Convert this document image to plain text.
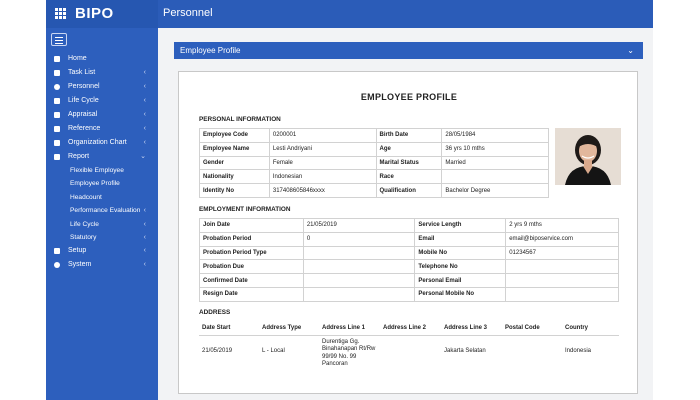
BIPO	Personnel
Home
Task List	‹
Personnel	‹
Life Cycle	‹
Appraisal	‹
Reference	‹
Organization Chart ‹
Report	⌄
Flexible Employee
Employee Profile
Headcount
Performance Evaluation ‹
Life Cycle	‹
Statutory	‹
Setup	‹
System	‹
Employee Profile	⌄
EMPLOYEE PROFILE
PERSONAL INFORMATION
Employee Code	0200001	Birth Date	28/05/1984
Employee Name	Lesti Andriyani	Age	36 yrs 10 mths
Gender	Female	Marital Status	Married
Nationality	Indonesian	Race	
Identity No	317408605846xxxx	Qualification	Bachelor Degree
EMPLOYMENT INFORMATION
Join Date	21/05/2019	Service Length	2 yrs 9 mths
Probation Period	0	Email	email@biposervice.com
Probation Period Type		Mobile No	01234567
Probation Due		Telephone No	
Confirmed Date		Personal Email	
Resign Date		Personal Mobile No	
ADDRESS
Date Start	Address Type	Address Line 1	Address Line 2	Address Line 3	Postal Code	Country
21/05/2019	L - Local	Durentiga Gg.
Binahanapan Rt/Rw
99/99 No. 99
Pancoran		Jakarta Selatan		Indonesia
